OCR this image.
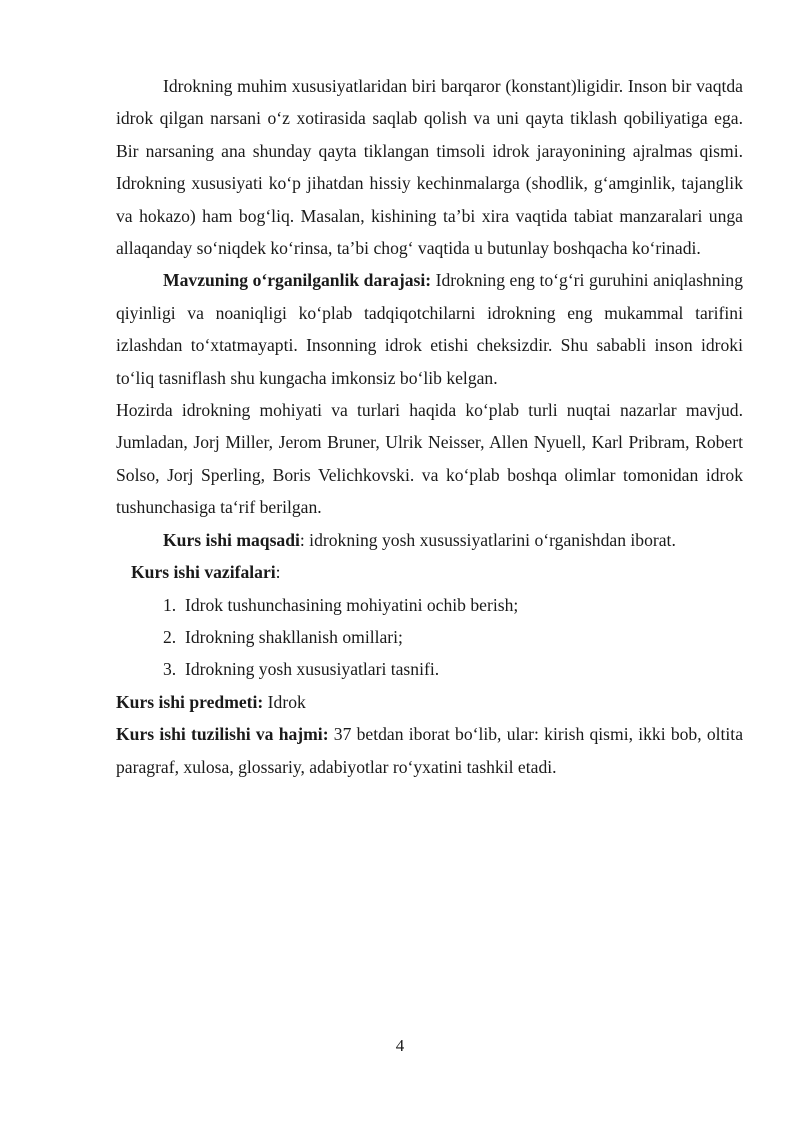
Idrokning muhim xususiyatlaridan biri barqaror (konstant)ligidir. Inson bir vaqtda idrok qilgan narsani o‘z xotirasida saqlab qolish va uni qayta tiklash qobiliyatiga ega. Bir narsaning ana shunday qayta tiklangan timsoli idrok jarayonining ajralmas qismi. Idrokning xususiyati ko‘p jihatdan hissiy kechinmalarga (shodlik, g‘amginlik, tajanglik va hokazo) ham bog‘liq. Masalan, kishining ta’bi xira vaqtida tabiat manzaralari unga allaqanday so‘niqdek ko‘rinsa, ta’bi chog‘ vaqtida u butunlay boshqacha ko‘rinadi.

Mavzuning o‘rganilganlik darajasi: Idrokning eng to‘g‘ri guruhini aniqlashning qiyinligi va noaniqligi ko‘plab tadqiqotchilarni idrokning eng mukammal tarifini izlashdan to‘xtatmayapti. Insonning idrok etishi cheksizdir. Shu sababli inson idroki to‘liq tasniflash shu kungacha imkonsiz bo‘lib kelgan.

Hozirda idrokning mohiyati va turlari haqida ko‘plab turli nuqtai nazarlar mavjud. Jumladan, Jorj Miller, Jerom Bruner, Ulrik Neisser, Allen Nyuell, Karl Pribram, Robert Solso, Jorj Sperling, Boris Velichkovski. va ko‘plab boshqa olimlar tomonidan idrok tushunchasiga ta‘rif berilgan.

Kurs ishi maqsadi: idrokning yosh xusussiyatlarini o‘rganishdan iborat.

Kurs ishi vazifalari:

1. Idrok tushunchasining mohiyatini ochib berish;
2. Idrokning shakllanish omillari;
3. Idrokning yosh xususiyatlari tasnifi.

Kurs ishi predmeti: Idrok

Kurs ishi tuzilishi va hajmi: 37 betdan iborat bo‘lib, ular: kirish qismi, ikki bob, oltita paragraf, xulosa, glossariy, adabiyotlar ro‘yxatini tashkil etadi.

4
